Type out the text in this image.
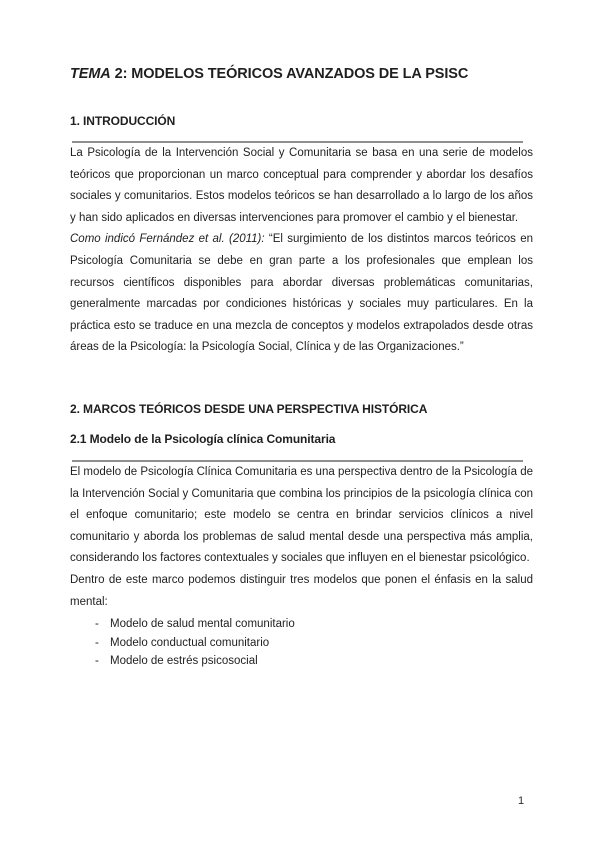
TEMA 2: MODELOS TEÓRICOS AVANZADOS DE LA PSISC
1. INTRODUCCIÓN

La Psicología de la Intervención Social y Comunitaria se basa en una serie de modelos teóricos que proporcionan un marco conceptual para comprender y abordar los desafíos sociales y comunitarios. Estos modelos teóricos se han desarrollado a lo largo de los años y han sido aplicados en diversas intervenciones para promover el cambio y el bienestar.

Como indicó Fernández et al. (2011): “El surgimiento de los distintos marcos teóricos en Psicología Comunitaria se debe en gran parte a los profesionales que emplean los recursos científicos disponibles para abordar diversas problemáticas comunitarias, generalmente marcadas por condiciones históricas y sociales muy particulares. En la práctica esto se traduce en una mezcla de conceptos y modelos extrapolados desde otras áreas de la Psicología: la Psicología Social, Clínica y de las Organizaciones.”

2. MARCOS TEÓRICOS DESDE UNA PERSPECTIVA HISTÓRICA
2.1 Modelo de la Psicología clínica Comunitaria

El modelo de Psicología Clínica Comunitaria es una perspectiva dentro de la Psicología de la Intervención Social y Comunitaria que combina los principios de la psicología clínica con el enfoque comunitario; este modelo se centra en brindar servicios clínicos a nivel comunitario y aborda los problemas de salud mental desde una perspectiva más amplia, considerando los factores contextuales y sociales que influyen en el bienestar psicológico.

Dentro de este marco podemos distinguir tres modelos que ponen el énfasis en la salud mental:

- Modelo de salud mental comunitario
- Modelo conductual comunitario
- Modelo de estrés psicosocial
1
